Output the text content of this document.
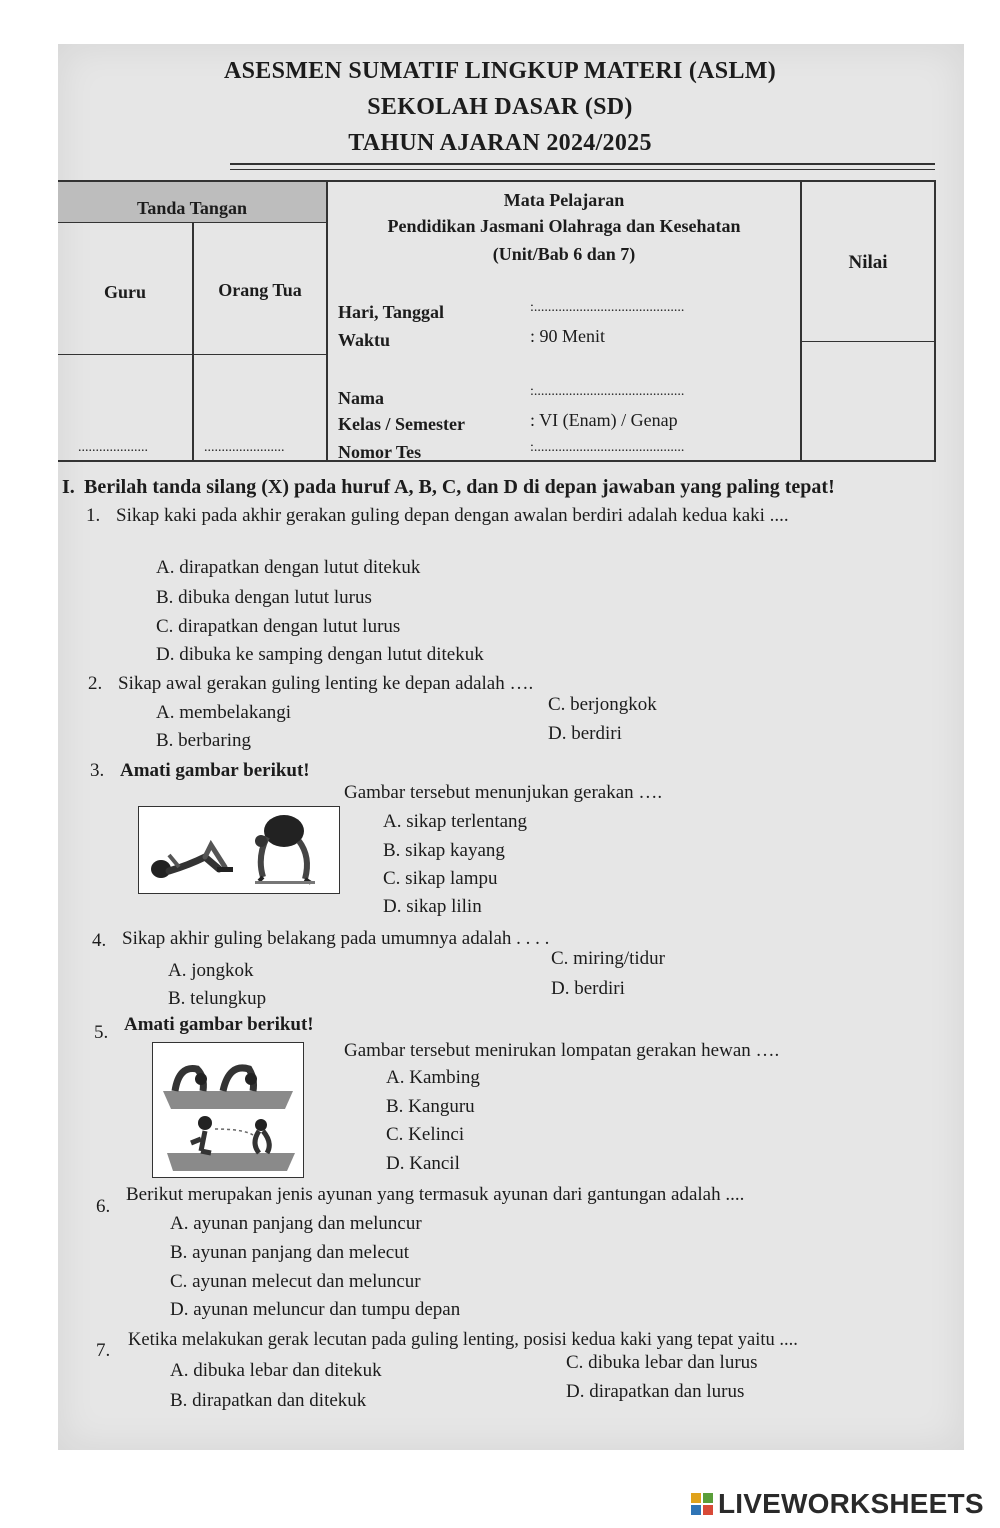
ASESMEN SUMATIF LINGKUP MATERI (ASLM)
SEKOLAH DASAR (SD)
TAHUN AJARAN 2024/2025
Tanda Tangan
Guru	Orang Tua
....................	.......................
Mata Pelajaran
Pendidikan Jasmani Olahraga dan Kesehatan
(Unit/Bab 6 dan 7)	Nilai
Hari, Tanggal	:...........................................
Waktu	: 90 Menit
Nama	:...........................................
Kelas / Semester	: VI (Enam) / Genap
Nomor Tes	:...........................................
I. Berilah tanda silang (X) pada huruf A, B, C, dan D di depan jawaban yang paling tepat!
1. Sikap kaki pada akhir gerakan guling depan dengan awalan berdiri adalah kedua kaki ....
A. dirapatkan dengan lutut ditekuk
B. dibuka dengan lutut lurus
C. dirapatkan dengan lutut lurus
D. dibuka ke samping dengan lutut ditekuk
2. Sikap awal gerakan guling lenting ke depan adalah ….
A. membelakangi
B. berbaring
C. berjongkok
D. berdiri
3. Amati gambar berikut!
Gambar tersebut menunjukan gerakan ….
A. sikap terlentang
B. sikap kayang
C. sikap lampu
D. sikap lilin
4. Sikap akhir guling belakang pada umumnya adalah . . . .
A. jongkok
B. telungkup
C. miring/tidur
D. berdiri
5. Amati gambar berikut!
Gambar tersebut menirukan lompatan gerakan hewan ….
A. Kambing
B. Kanguru
C. Kelinci
D. Kancil
6.
Berikut merupakan jenis ayunan yang termasuk ayunan dari gantungan adalah ....
A. ayunan panjang dan meluncur
B. ayunan panjang dan melecut
C. ayunan melecut dan meluncur
D. ayunan meluncur dan tumpu depan
7. Ketika melakukan gerak lecutan pada guling lenting, posisi kedua kaki yang tepat yaitu ....
A. dibuka lebar dan ditekuk
B. dirapatkan dan ditekuk
C. dibuka lebar dan lurus
D. dirapatkan dan lurus
LIVEWORKSHEETS
